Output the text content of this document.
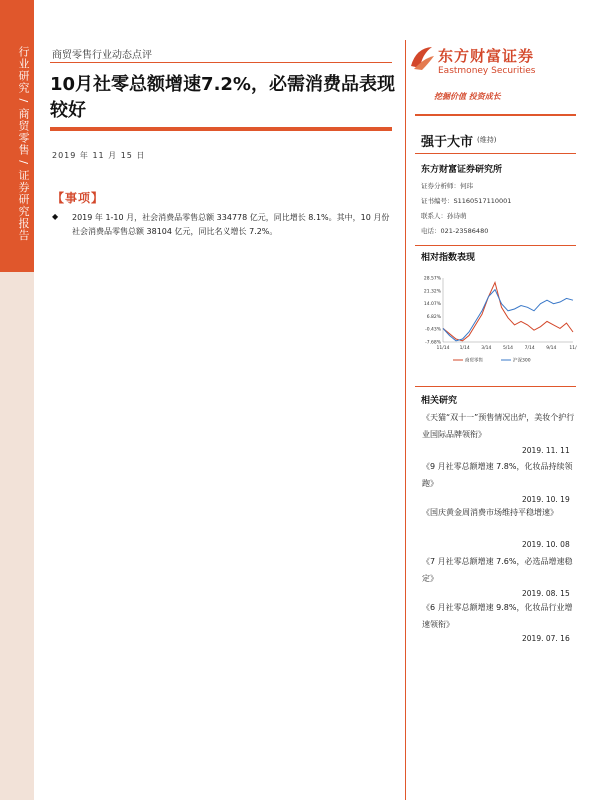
行业研究 / 商贸零售 / 证券研究报告 商贸零售行业动态点评
10月社零总额增速7.2%，必需消费品表现较好
2019 年 11 月 15 日
【事项】
◆ 2019 年 1-10 月，社会消费品零售总额 334778 亿元，同比增长 8.1%。其中，10 月份社会消费品零售总额 38104 亿元，同比名义增长 7.2%。
东方财富证券
Eastmoney Securities
挖掘价值 投资成长
强于大市 (维持)
东方财富证券研究所
证券分析师：何玮
证书编号：S1160517110001
联系人：孙诗萌
电话：021-23586480
相对指数表现
28.57%
21.32%
14.07%
6.82%
-0.43%
-7.68%
11/14 1/14	3/14	5/14	7/14	9/14	11/
商贸零售	沪深300
相关研究
《天猫“双十一”预售情况出炉，美妆个护行业国际品牌领衔》
2019. 11. 11
《9 月社零总额增速 7.8%，化妆品持续领跑》
2019. 10. 19
《国庆黄金周消费市场维持平稳增速》
2019. 10. 08
《7 月社零总额增速 7.6%，必选品增速稳定》
2019. 08. 15
《6 月社零总额增速 9.8%，化妆品行业增速领衔》
2019. 07. 16
